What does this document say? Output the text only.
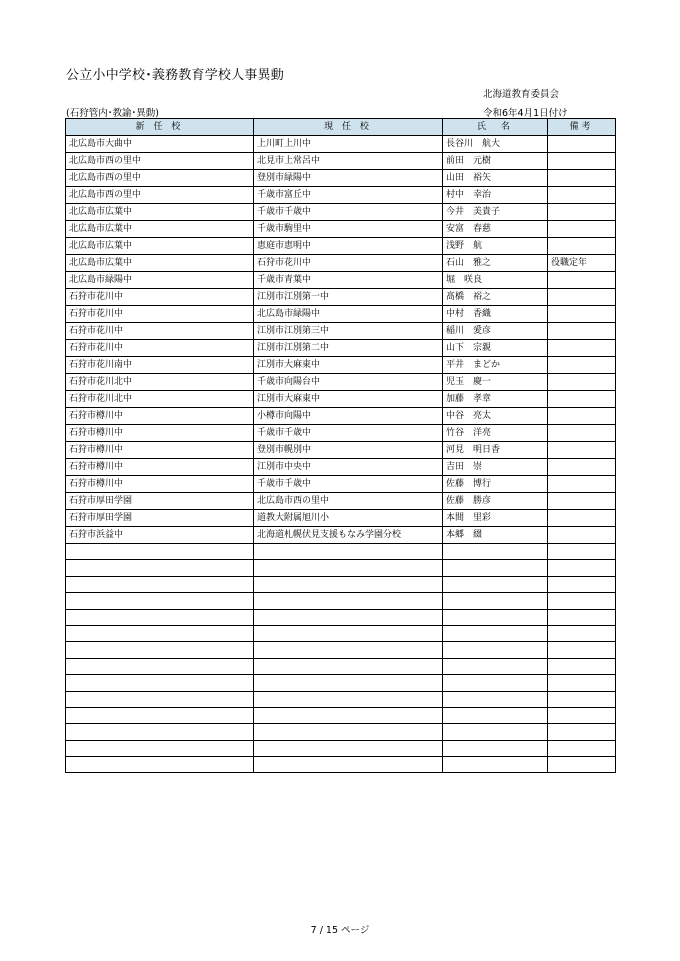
公立小中学校･義務教育学校人事異動
北海道教育委員会
(石狩管内･教諭･異動)	令和6年4月1日付け
新 任 校	現 任 校	氏　名	備考
北広島市大曲中	上川町上川中	長谷川　航大	
北広島市西の里中	北見市上常呂中	前田　元樹	
北広島市西の里中	登別市緑陽中	山田　裕矢	
北広島市西の里中	千歳市富丘中	村中　幸治	
北広島市広葉中	千歳市千歳中	今井　美貴子	
北広島市広葉中	千歳市駒里中	安富　春慈	
北広島市広葉中	恵庭市恵明中	浅野　航	
北広島市広葉中	石狩市花川中	石山　雅之	役職定年
北広島市緑陽中	千歳市青葉中	堀　咲良	
石狩市花川中	江別市江別第一中	髙橋　裕之	
石狩市花川中	北広島市緑陽中	中村　香織	
石狩市花川中	江別市江別第三中	稲川　愛彦	
石狩市花川中	江別市江別第二中	山下　宗親	
石狩市花川南中	江別市大麻東中	平井　まどか	
石狩市花川北中	千歳市向陽台中	児玉　慶一	
石狩市花川北中	江別市大麻東中	加藤　孝章	
石狩市樽川中	小樽市向陽中	中谷　亮太	
石狩市樽川中	千歳市千歳中	竹谷　洋亮	
石狩市樽川中	登別市幌別中	河見　明日香	
石狩市樽川中	江別市中央中	吉田　崇	
石狩市樽川中	千歳市千歳中	佐藤　博行	
石狩市厚田学園	北広島市西の里中	佐藤　勝彦	
石狩市厚田学園	道教大附属旭川小	本間　里彩	
石狩市浜益中	北海道札幌伏見支援もなみ学園分校	本郷　綴	

7 / 15 ページ
